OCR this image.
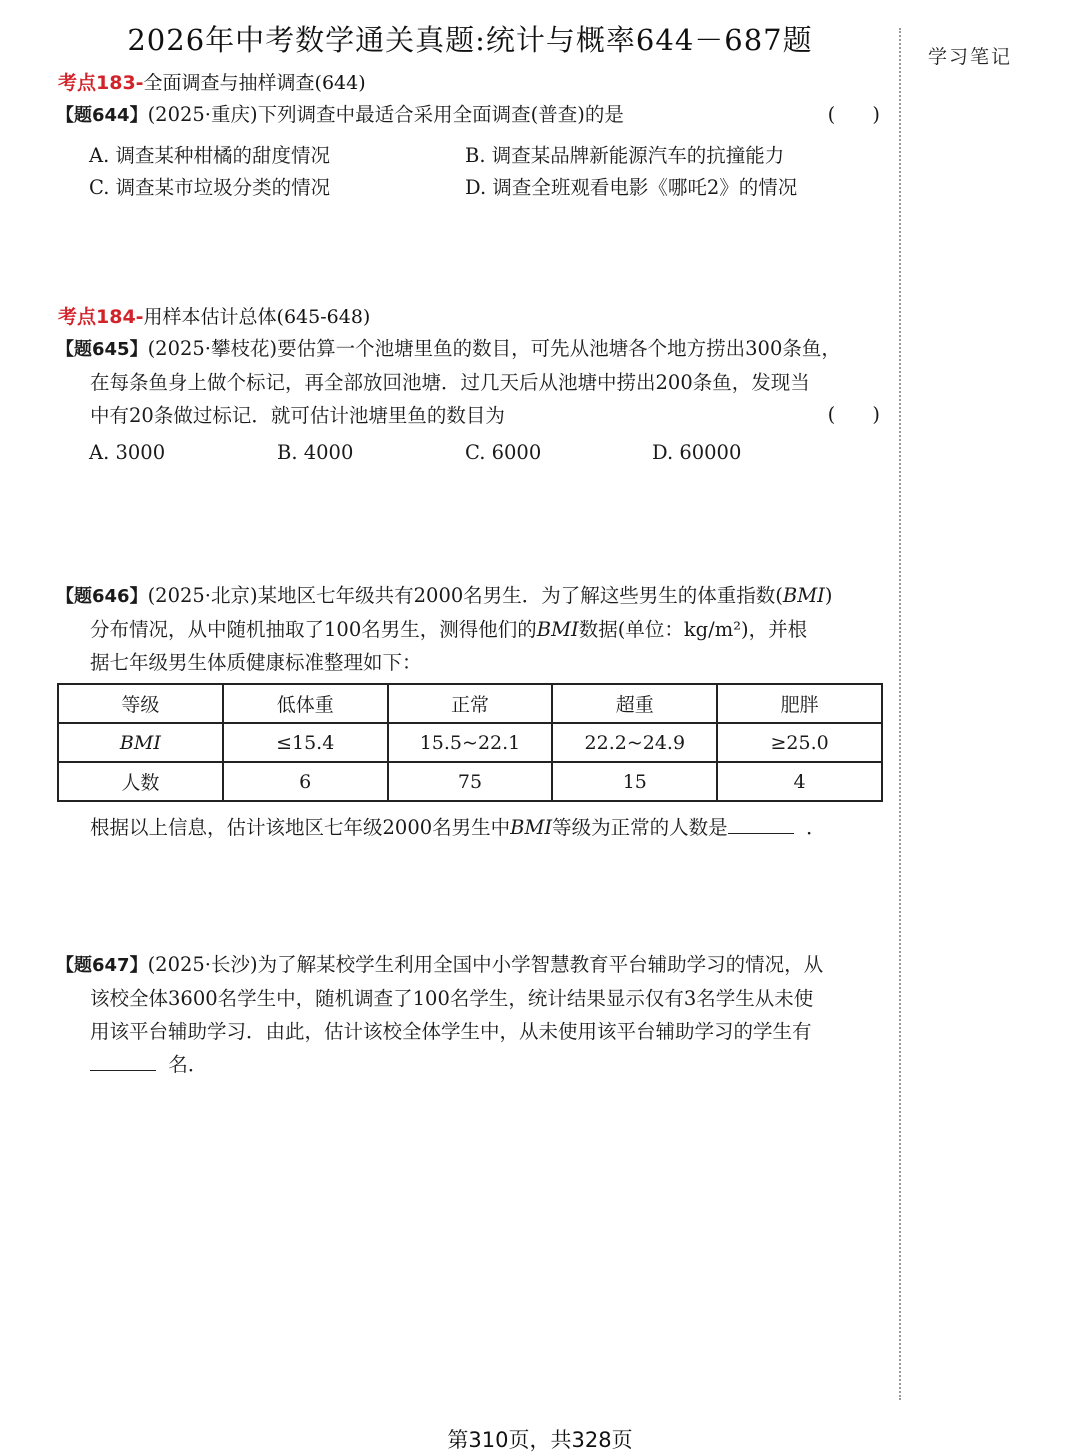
2026年中考数学通关真题:统计与概率644－687题	学习笔记
考点183-全面调查与抽样调查(644)
【题644】(2025·重庆)下列调查中最适合采用全面调查(普查)的是	(      )
A. 调查某种柑橘的甜度情况	B. 调查某品牌新能源汽车的抗撞能力
C. 调查某市垃圾分类的情况	D. 调查全班观看电影《哪吒2》的情况
考点184-用样本估计总体(645-648)
【题645】(2025·攀枝花)要估算一个池塘里鱼的数目，可先从池塘各个地方捞出300条鱼，
在每条鱼身上做个标记，再全部放回池塘．过几天后从池塘中捞出200条鱼，发现当
中有20条做过标记．就可估计池塘里鱼的数目为	(      )
A. 3000	B. 4000	C. 6000	D. 60000
【题646】(2025·北京)某地区七年级共有2000名男生．为了解这些男生的体重指数(BMI)
分布情况，从中随机抽取了100名男生，测得他们的BMI数据(单位：kg/m²)，并根
据七年级男生体质健康标准整理如下：
等级	低体重	正常	超重	肥胖
BMI	≤15.4	15.5~22.1	22.2~24.9	≥25.0
人数	6	75	15	4
根据以上信息，估计该地区七年级2000名男生中BMI等级为正常的人数是	．
【题647】(2025·长沙)为了解某校学生利用全国中小学智慧教育平台辅助学习的情况，从
该校全体3600名学生中，随机调查了100名学生，统计结果显示仅有3名学生从未使
用该平台辅助学习．由此，估计该校全体学生中，从未使用该平台辅助学习的学生有
名．
第310页，共328页
